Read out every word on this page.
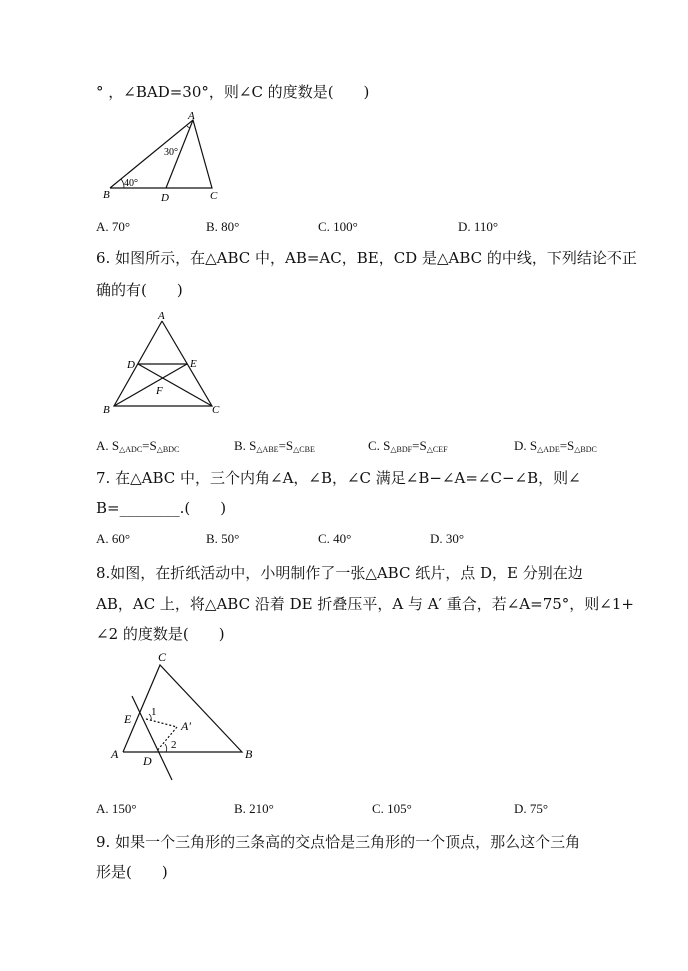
° ，∠BAD=30°，则∠C 的度数是(　　)
A
B	C
D
30°
40°
A. 70°	B. 80°	C. 100°	D. 110°
6. 如图所示，在△ABC 中，AB=AC，BE，CD 是△ABC 的中线，下列结论不正
确的有(　　)
A
B	C
D	E
F
A. $S_{\triangle ADC}=S_{\triangle BDC}$	B. $S_{\triangle ABE}=S_{\triangle CBE}$	C. $S_{\triangle BDF}=S_{\triangle CEF}$	D. $S_{\triangle ADE}=S_{\triangle BDC}$
7. 在△ABC 中，三个内角∠A，∠B，∠C 满足∠B−∠A=∠C−∠B，则∠
B=________.(　　)
A. 60°	B. 50°	C. 40°	D. 30°
8.如图，在折纸活动中，小明制作了一张△ABC 纸片，点 D，E 分别在边
AB，AC 上，将△ABC 沿着 DE 折叠压平，A 与 A′ 重合，若∠A=75°，则∠1+
∠2 的度数是(　　)
C
E 1
A′
2
A D	B
A. 150°	B. 210°	C. 105°	D. 75°
9. 如果一个三角形的三条高的交点恰是三角形的一个顶点，那么这个三角
形是(　　)
